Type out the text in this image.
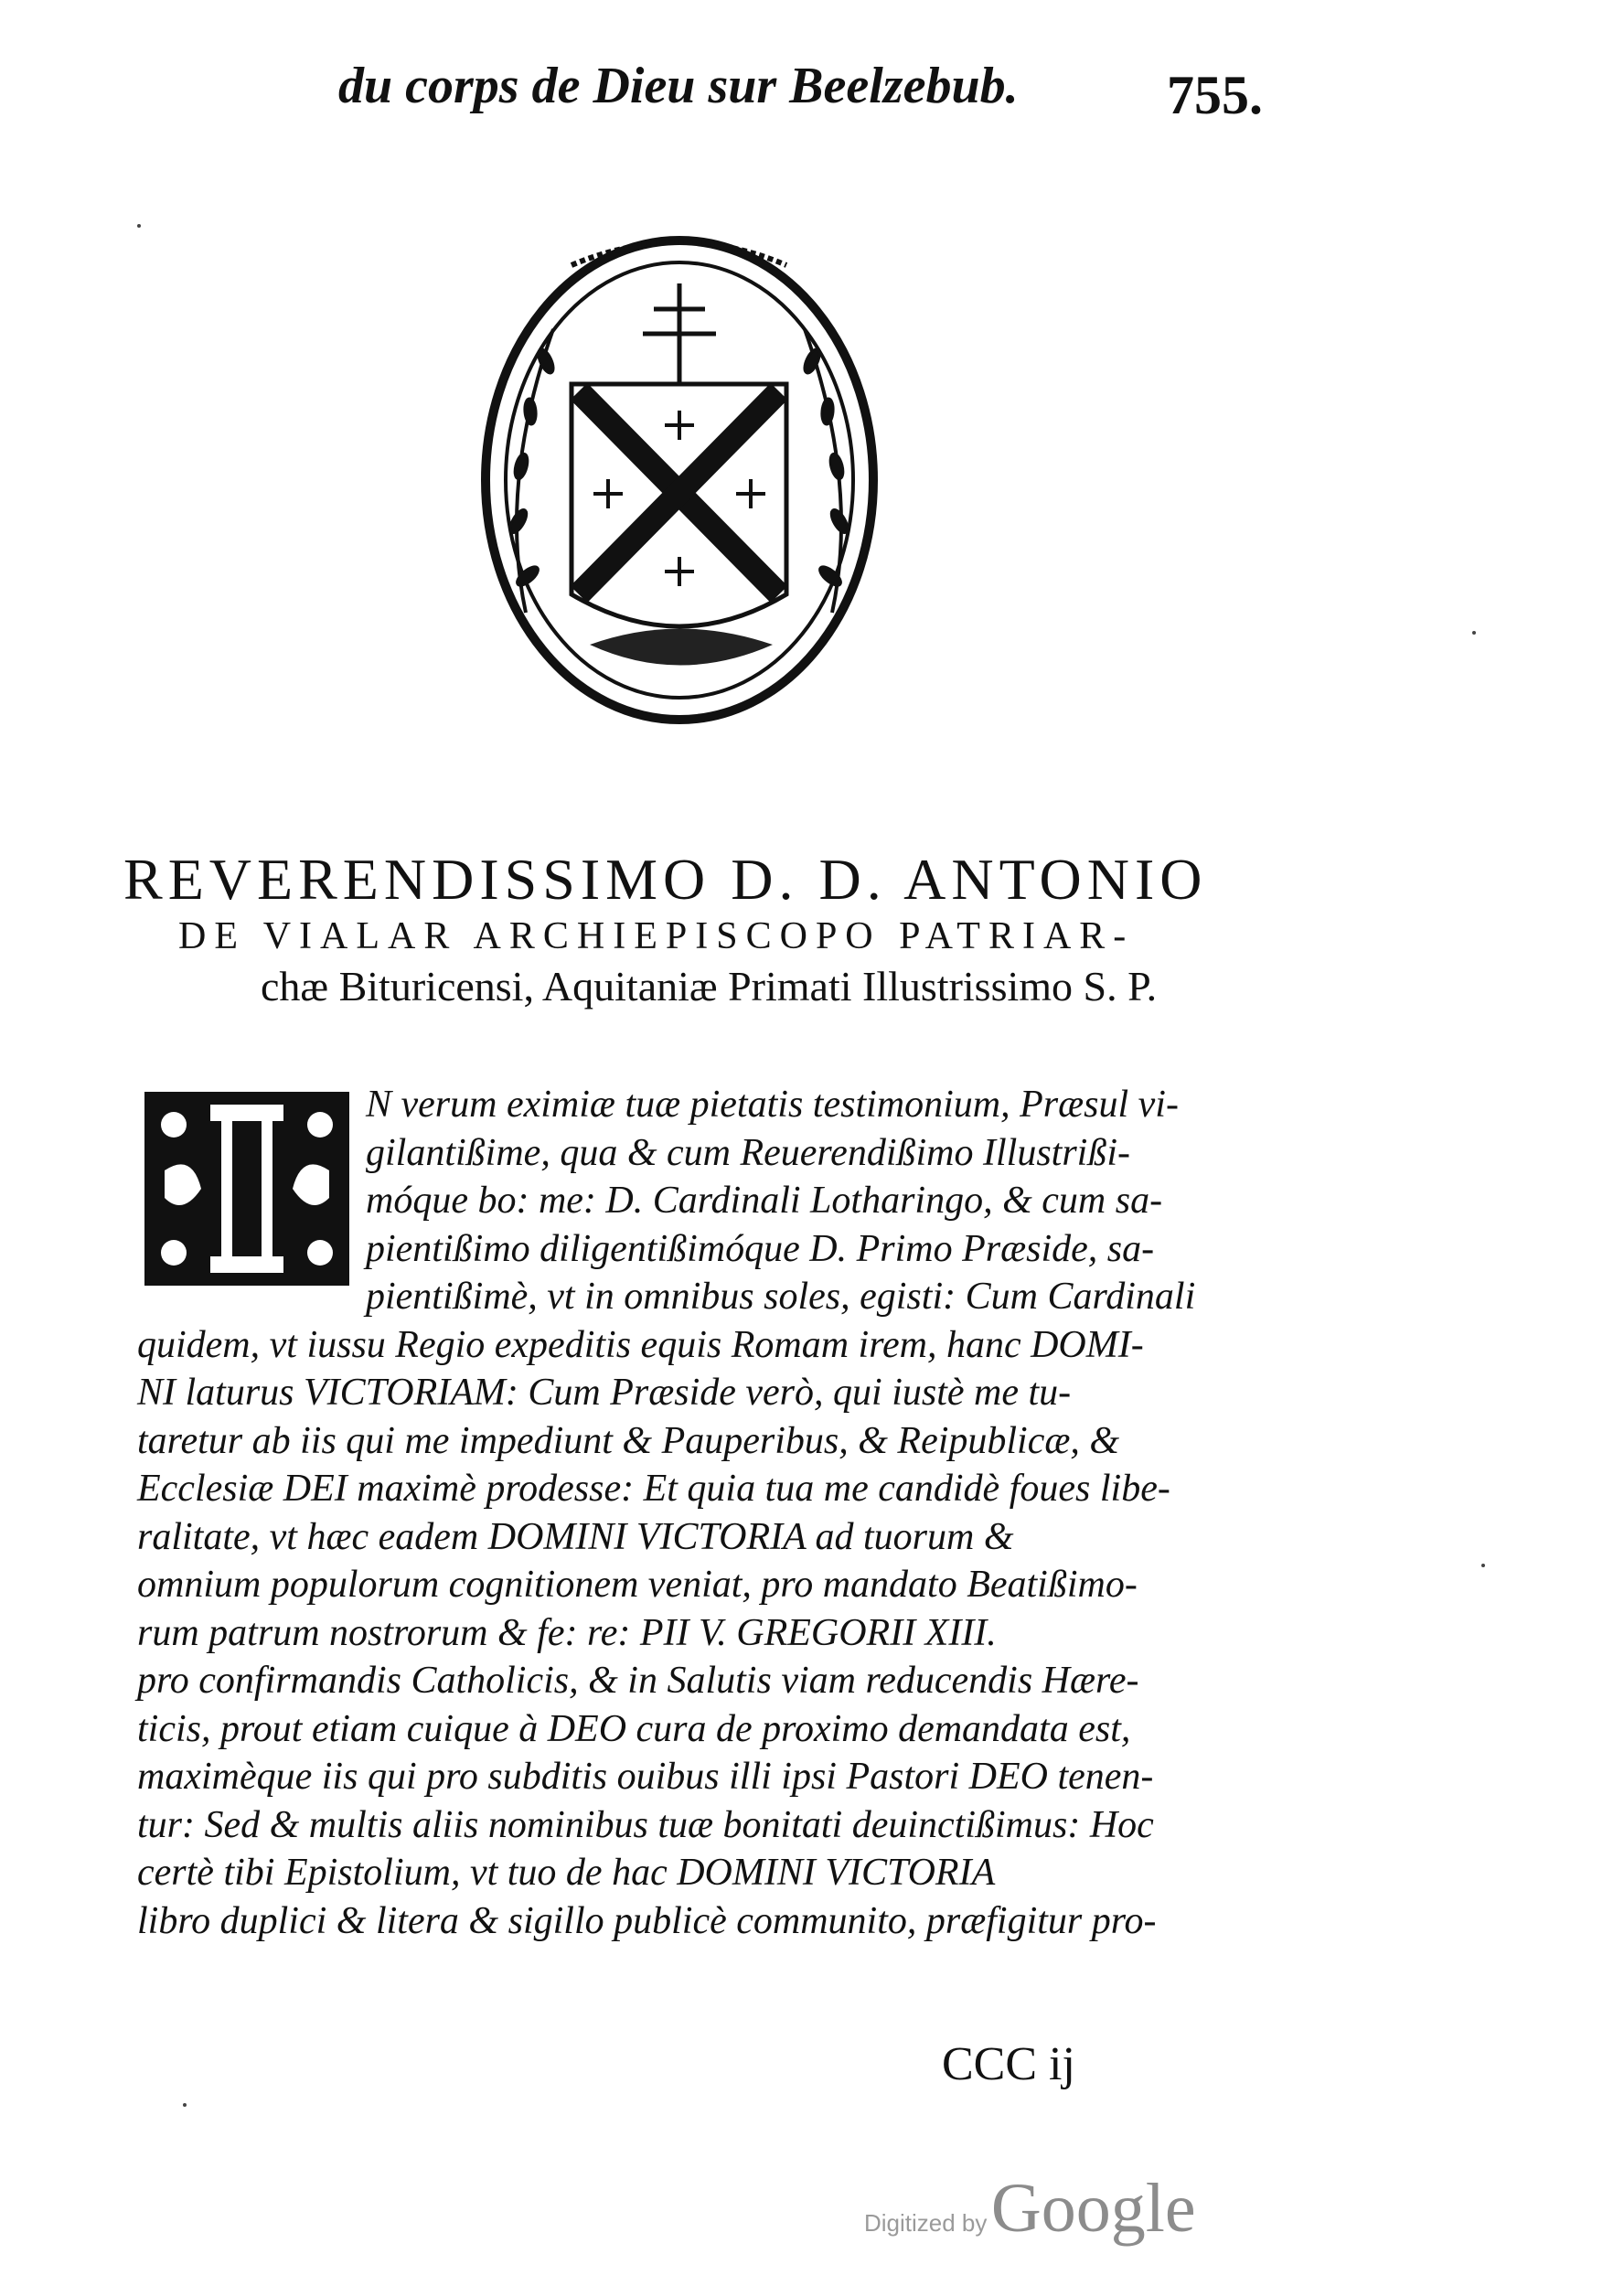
du corps de Dieu sur Beelzebub.	755.
REVERENDISSIMO D. D. ANTONIO
DE VIALAR ARCHIEPISCOPO PATRIAR-
chæ Bituricensi, Aquitaniæ Primati Illustrissimo S. P.
N verum eximiæ tuæ pietatis testimonium, Præsul vi-
gilantißime, qua & cum Reuerendißimo Illustrißi-
móque bo: me: D. Cardinali Lotharingo, & cum sa-
pientißimo diligentißimóque D. Primo Præside, sa-
pientißimè, vt in omnibus soles, egisti: Cum Cardinali
quidem, vt iussu Regio expeditis equis Romam irem, hanc DOMI-
NI laturus VICTORIAM: Cum Præside verò, qui iustè me tu-
taretur ab iis qui me impediunt & Pauperibus, & Reipublicæ, &
Ecclesiæ DEI maximè prodesse: Et quia tua me candidè foues libe-
ralitate, vt hæc eadem DOMINI VICTORIA ad tuorum &
omnium populorum cognitionem veniat, pro mandato Beatißimo-
rum patrum nostrorum & fe: re: PII V. GREGORII XIII.
pro confirmandis Catholicis, & in Salutis viam reducendis Hære-
ticis, prout etiam cuique à DEO cura de proximo demandata est,
maximèque iis qui pro subditis ouibus illi ipsi Pastori DEO tenen-
tur: Sed & multis aliis nominibus tuæ bonitati deuinctißimus: Hoc
certè tibi Epistolium, vt tuo de hac DOMINI VICTORIA
libro duplici & litera & sigillo publicè communito, præfigitur pro-
CCC ij
Digitized by Google
